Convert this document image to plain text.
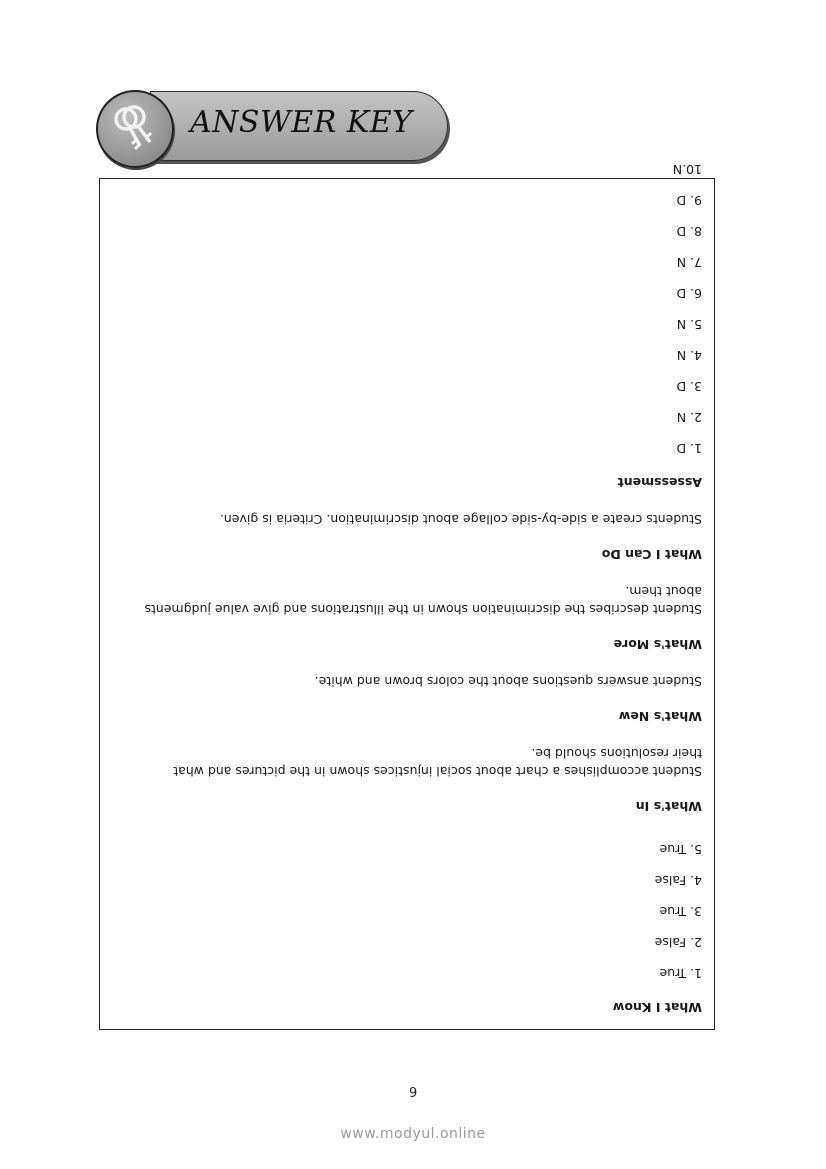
ANSWER KEY
What I Know
1. True
2. False
3. True
4. False
5. True
What's In
Student accomplishes a chart about social injustices shown in the pictures and what their resolutions should be.
What's New
Student answers questions about the colors brown and white.
What's More
Student describes the discrimination shown in the illustrations and give value judgments about them.
What I Can Do
Students create a side-by-side collage about discrimination. Criteria is given.
Assessment
1. D
2. N
3. D
4. N
5. N
6. D
7. N
8. D
9. D
10.N
6
www.modyul.online
